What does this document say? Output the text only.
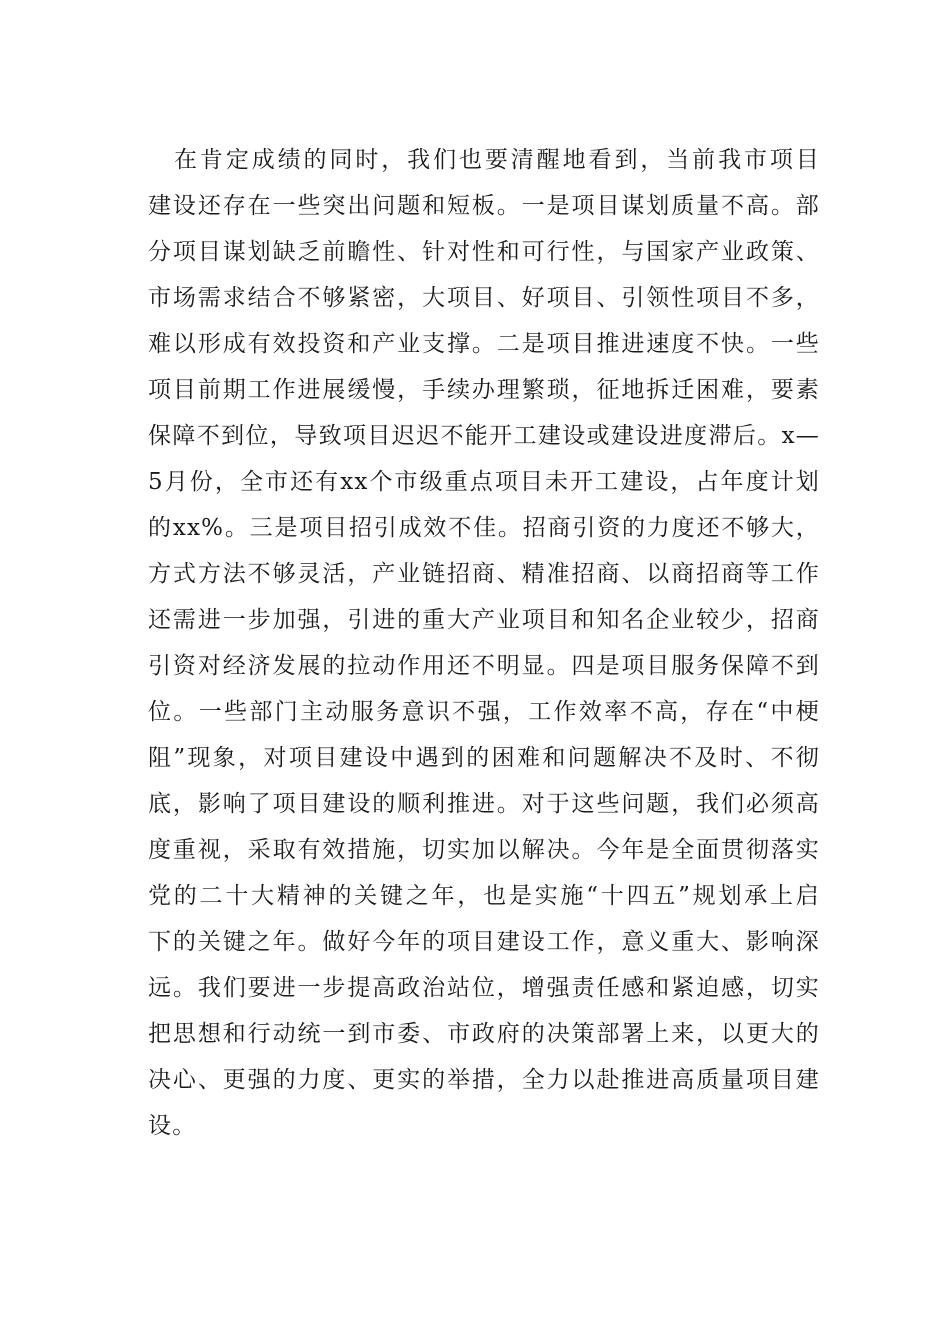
在肯定成绩的同时，我们也要清醒地看到，当前我市项目
建设还存在一些突出问题和短板。一是项目谋划质量不高。部
分项目谋划缺乏前瞻性、针对性和可行性，与国家产业政策、
市场需求结合不够紧密，大项目、好项目、引领性项目不多，
难以形成有效投资和产业支撑。二是项目推进速度不快。一些
项目前期工作进展缓慢，手续办理繁琐，征地拆迁困难，要素
保障不到位，导致项目迟迟不能开工建设或建设进度滞后。x—
5月份，全市还有xx个市级重点项目未开工建设，占年度计划
的xx%。三是项目招引成效不佳。招商引资的力度还不够大，
方式方法不够灵活，产业链招商、精准招商、以商招商等工作
还需进一步加强，引进的重大产业项目和知名企业较少，招商
引资对经济发展的拉动作用还不明显。四是项目服务保障不到
位。一些部门主动服务意识不强，工作效率不高，存在“中梗
阻”现象，对项目建设中遇到的困难和问题解决不及时、不彻
底，影响了项目建设的顺利推进。对于这些问题，我们必须高
度重视，采取有效措施，切实加以解决。今年是全面贯彻落实
党的二十大精神的关键之年，也是实施“十四五”规划承上启
下的关键之年。做好今年的项目建设工作，意义重大、影响深
远。我们要进一步提高政治站位，增强责任感和紧迫感，切实
把思想和行动统一到市委、市政府的决策部署上来，以更大的
决心、更强的力度、更实的举措，全力以赴推进高质量项目建
设。
